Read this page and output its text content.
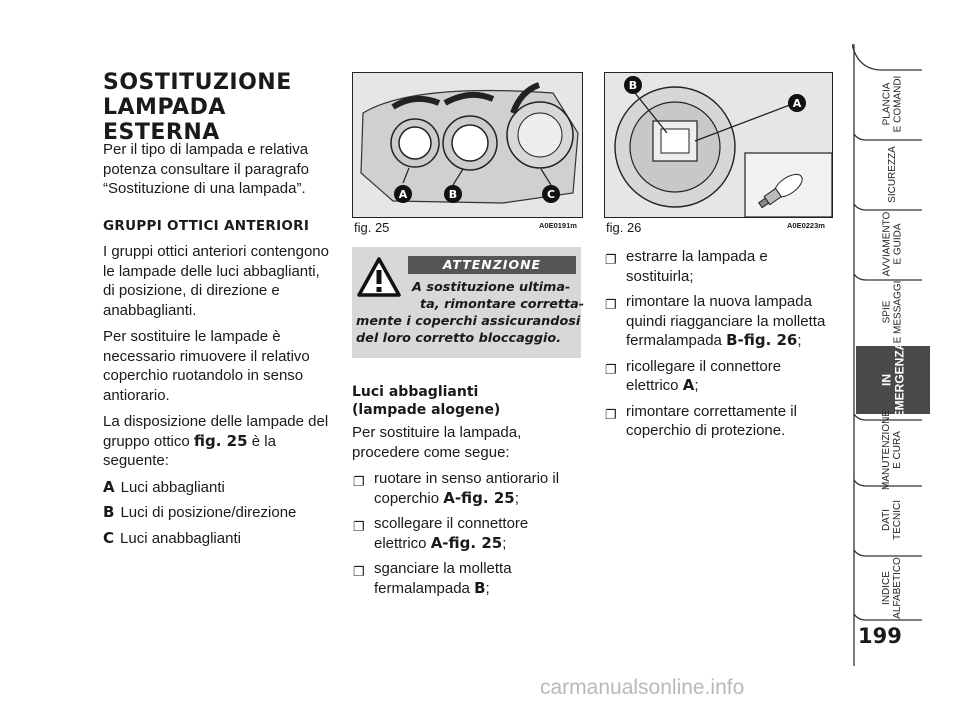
SOSTITUZIONE
LAMPADA ESTERNA

Per il tipo di lampada e relativa potenza consultare il paragrafo “Sostituzione di una lampada”.

GRUPPI OTTICI ANTERIORI

I gruppi ottici anteriori contengono le lampade delle luci abbaglianti, di posizione, di direzione e anabbaglianti.

Per sostituire le lampade è necessario rimuovere il relativo coperchio ruotandolo in senso antiorario.

La disposizione delle lampade del gruppo ottico fig. 25 è la seguente:

A Luci abbaglianti
B Luci di posizione/direzione
C Luci anabbaglianti
A	B	C
fig. 25	A0E0191m
B
A
fig. 26	A0E0223m
ATTENZIONE
A sostituzione ultima-
ta, rimontare corretta-
mente i coperchi assicurandosi
del loro corretto bloccaggio.
Luci abbaglianti
(lampade alogene)

Per sostituire la lampada, procedere come segue:

❐ ruotare in senso antiorario il coperchio A-fig. 25;
❐ scollegare il connettore elettrico A-fig. 25;
❐ sganciare la molletta fermalampada B;
❐ estrarre la lampada e sostituirla;
❐ rimontare la nuova lampada quindi riagganciare la molletta fermalampada B-fig. 26;
❐ ricollegare il connettore elettrico A;
❐ rimontare correttamente il coperchio di protezione.
PLANCIA
E COMANDI
SICUREZZA
AVVIAMENTO
E GUIDA
SPIE
E MESSAGGI
IN
EMERGENZA
MANUTENZIONE
E CURA
DATI
TECNICI
INDICE
ALFABETICO
199
carmanualsonline.info
